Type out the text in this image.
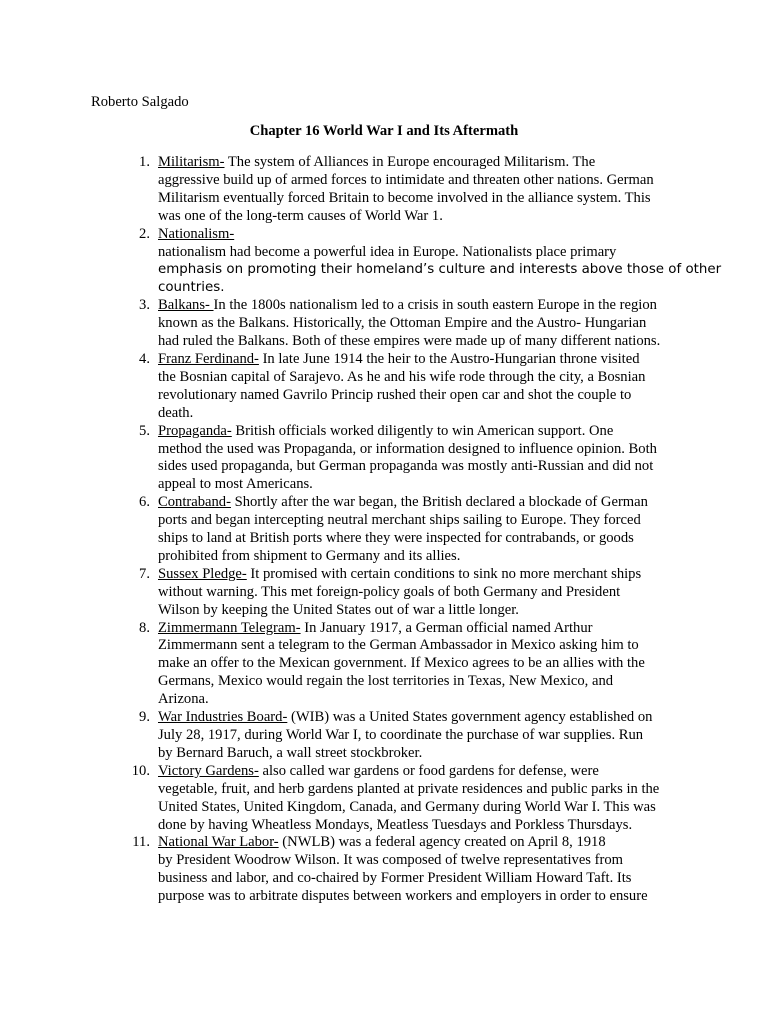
Roberto Salgado
Chapter 16 World War I and Its Aftermath
1. Militarism- The system of Alliances in Europe encouraged Militarism. The
aggressive build up of armed forces to intimidate and threaten other nations. German
Militarism eventually forced Britain to become involved in the alliance system. This
was one of the long-term causes of World War 1.
2. Nationalism-
nationalism had become a powerful idea in Europe. Nationalists place primary
emphasis on promoting their homeland’s culture and interests above those of other
countries.
3. Balkans- In the 1800s nationalism led to a crisis in south eastern Europe in the region
known as the Balkans. Historically, the Ottoman Empire and the Austro- Hungarian
had ruled the Balkans. Both of these empires were made up of many different nations.
4. Franz Ferdinand- In late June 1914 the heir to the Austro-Hungarian throne visited
the Bosnian capital of Sarajevo. As he and his wife rode through the city, a Bosnian
revolutionary named Gavrilo Princip rushed their open car and shot the couple to
death.
5. Propaganda- British officials worked diligently to win American support. One
method the used was Propaganda, or information designed to influence opinion. Both
sides used propaganda, but German propaganda was mostly anti-Russian and did not
appeal to most Americans.
6. Contraband- Shortly after the war began, the British declared a blockade of German
ports and began intercepting neutral merchant ships sailing to Europe. They forced
ships to land at British ports where they were inspected for contrabands, or goods
prohibited from shipment to Germany and its allies.
7. Sussex Pledge- It promised with certain conditions to sink no more merchant ships
without warning. This met foreign-policy goals of both Germany and President
Wilson by keeping the United States out of war a little longer.
8. Zimmermann Telegram- In January 1917, a German official named Arthur
Zimmermann sent a telegram to the German Ambassador in Mexico asking him to
make an offer to the Mexican government. If Mexico agrees to be an allies with the
Germans, Mexico would regain the lost territories in Texas, New Mexico, and
Arizona.
9. War Industries Board- (WIB) was a United States government agency established on
July 28, 1917, during World War I, to coordinate the purchase of war supplies. Run
by Bernard Baruch, a wall street stockbroker.
10. Victory Gardens- also called war gardens or food gardens for defense, were
vegetable, fruit, and herb gardens planted at private residences and public parks in the
United States, United Kingdom, Canada, and Germany during World War I. This was
done by having Wheatless Mondays, Meatless Tuesdays and Porkless Thursdays.
11. National War Labor- (NWLB) was a federal agency created on April 8, 1918
by President Woodrow Wilson. It was composed of twelve representatives from
business and labor, and co-chaired by Former President William Howard Taft. Its
purpose was to arbitrate disputes between workers and employers in order to ensure
